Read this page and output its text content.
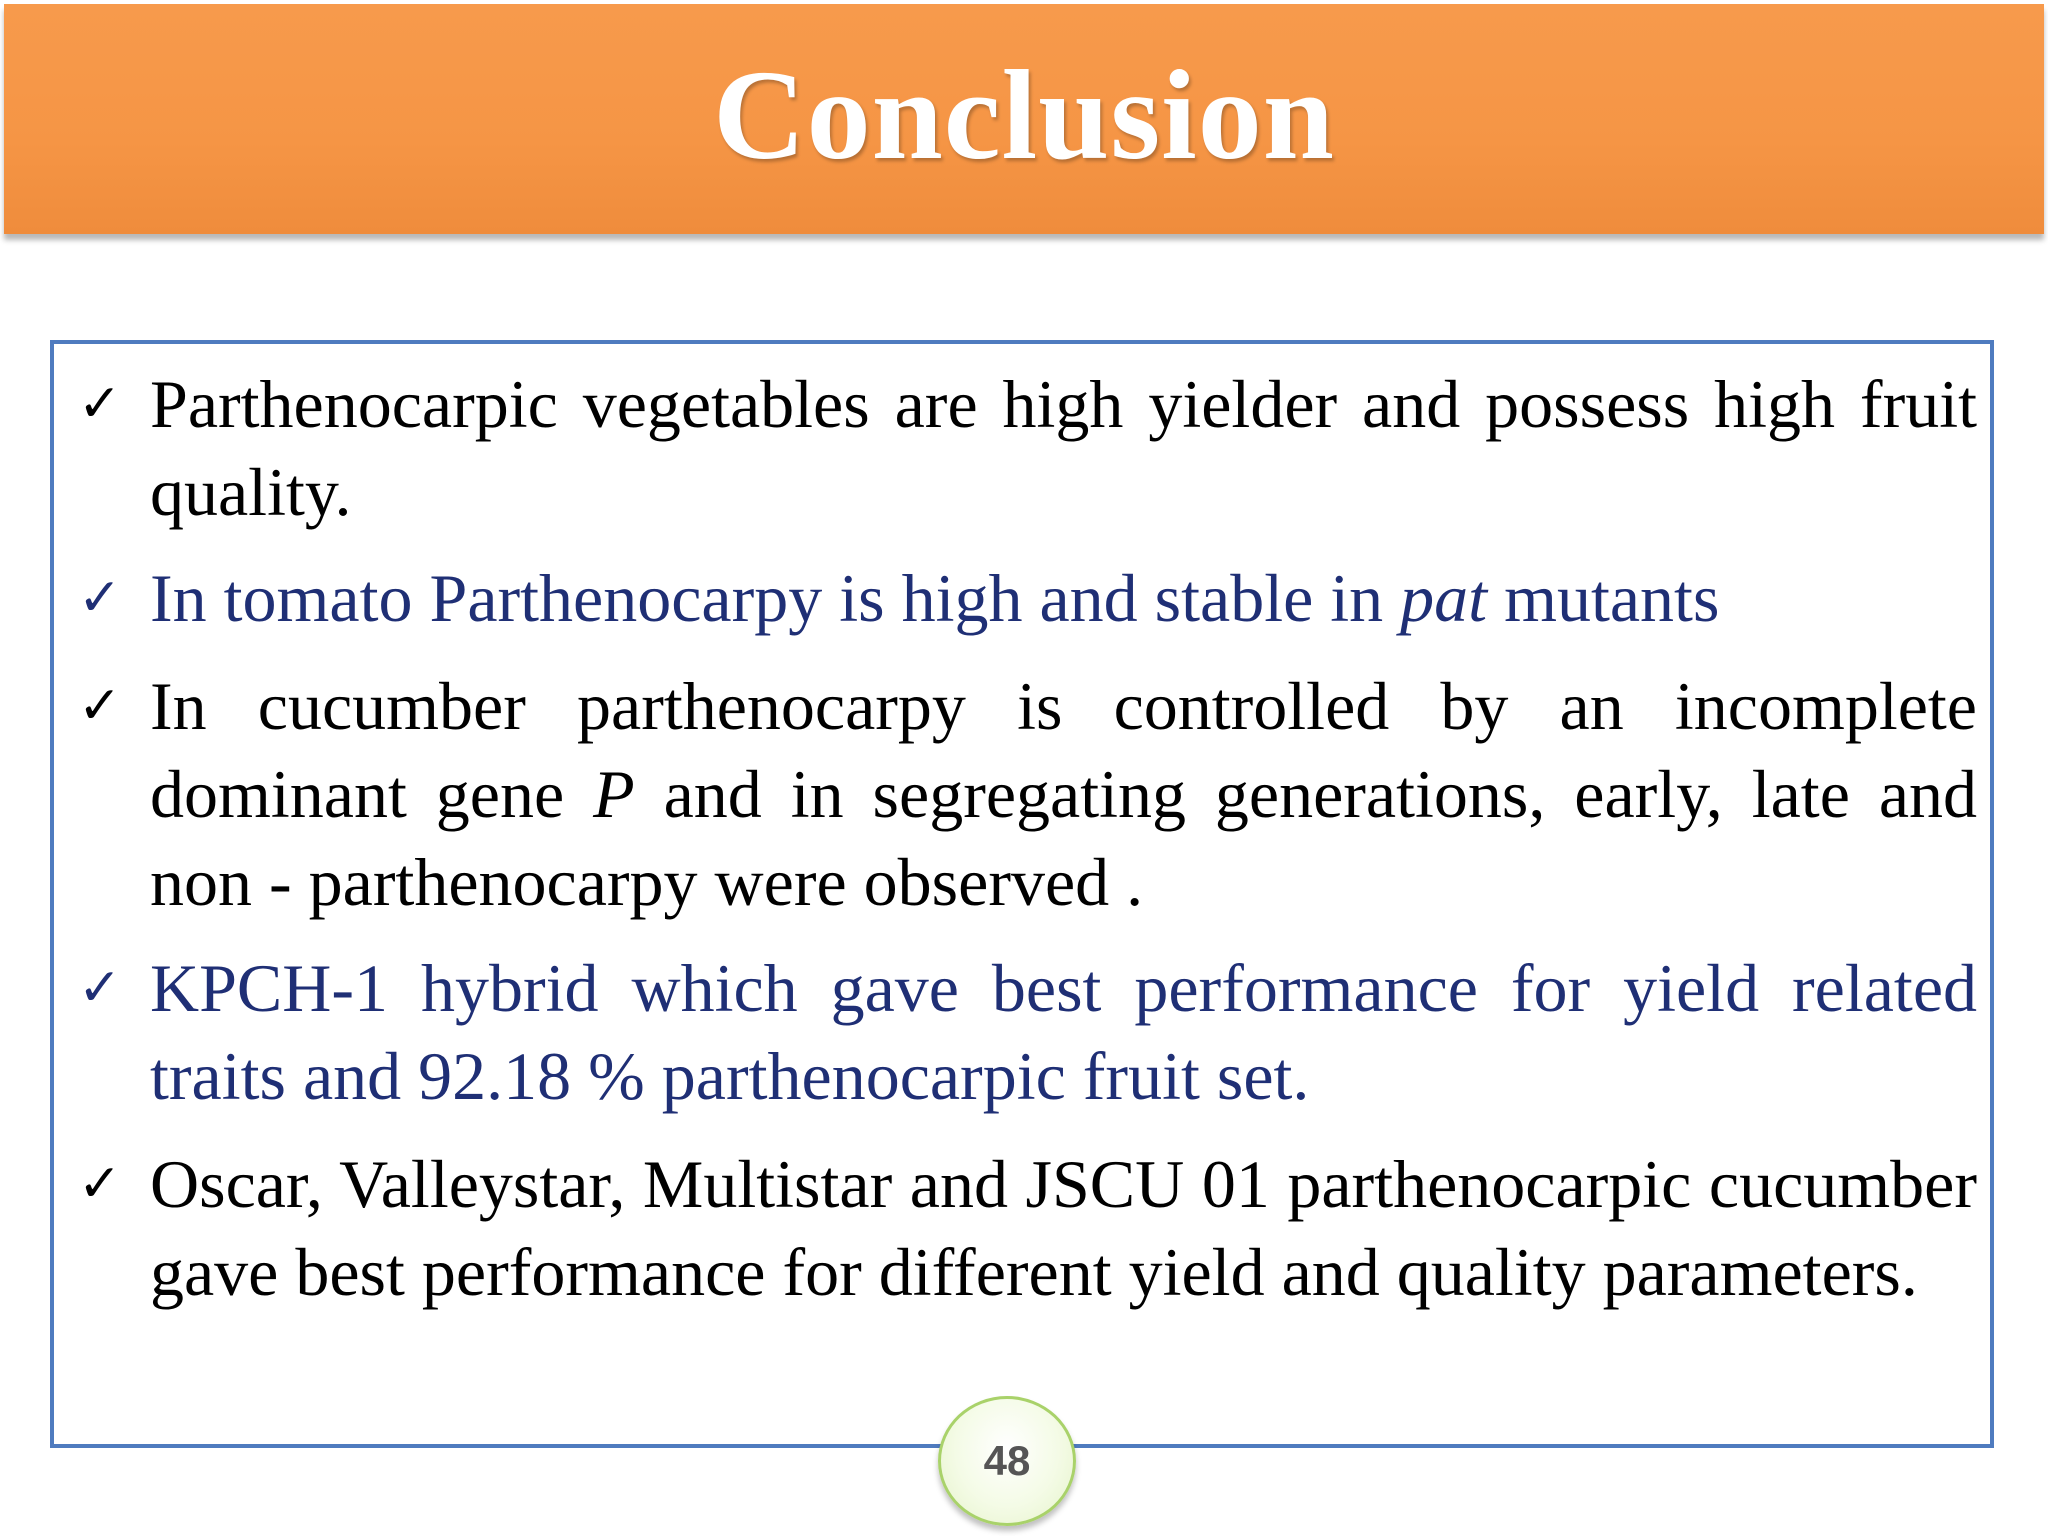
Conclusion
✓ Parthenocarpic vegetables are high yielder and possess high fruit quality.
✓ In tomato Parthenocarpy is high and stable in pat mutants
✓ In cucumber parthenocarpy is controlled by an incomplete dominant gene P and in segregating generations, early, late and non - parthenocarpy were observed .
✓ KPCH-1 hybrid which gave best performance for yield related traits and 92.18 % parthenocarpic fruit set.
✓ Oscar, Valleystar, Multistar and JSCU 01 parthenocarpic cucumber gave best performance for different yield and quality parameters.
48
